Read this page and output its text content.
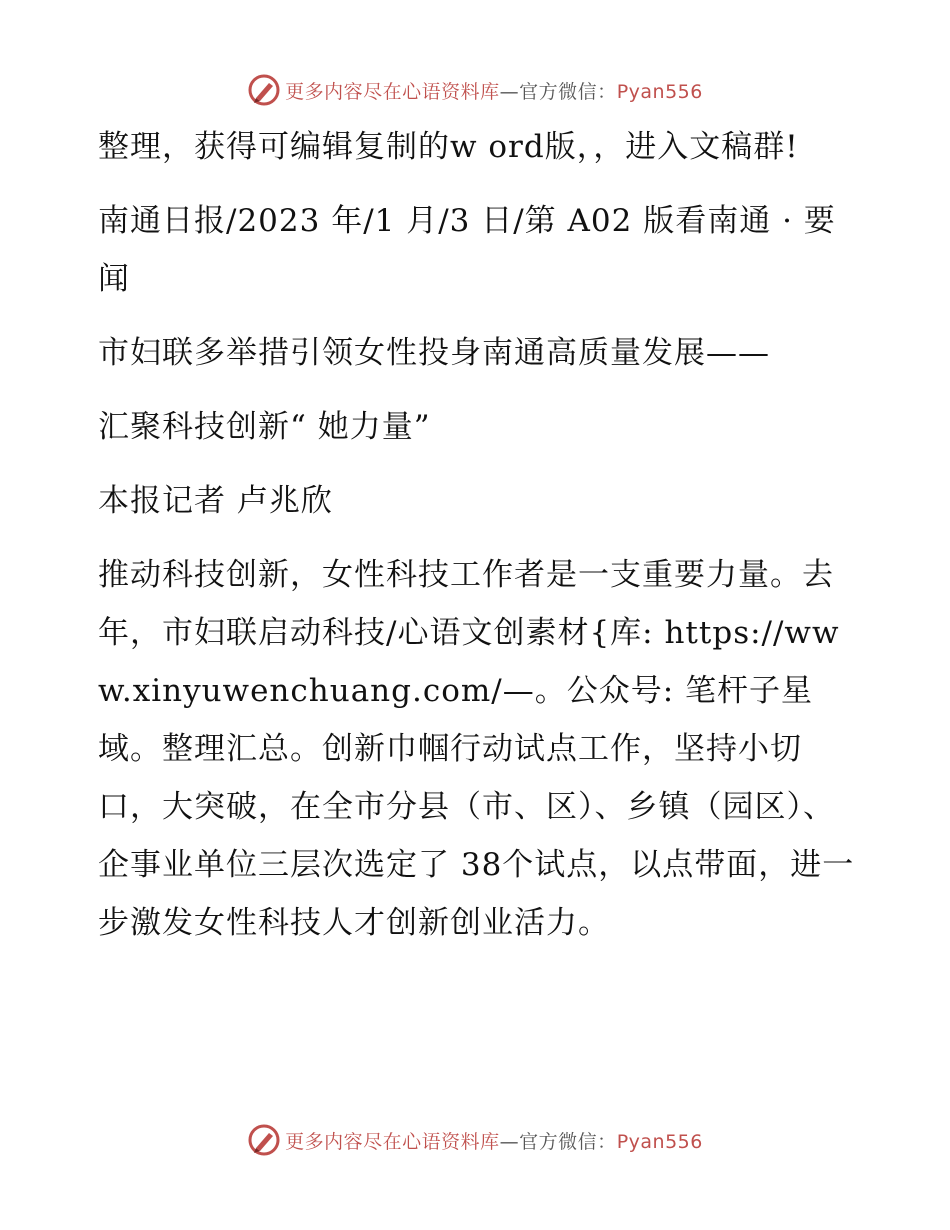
更多内容尽在心语资料库—官方微信：Pyan556

整理，获得可编辑复制的w ord版，，进入文稿群!

南通日报/2023 年/1 月/3 日/第 A02 版看南通 · 要闻

市妇联多举措引领女性投身南通高质量发展——

汇聚科技创新“ 她力量”

本报记者 卢兆欣

推动科技创新，女性科技工作者是一支重要力量。去年，市妇联启动科技/心语文创素材{库: https://www.xinyuwenchuang.com/—。公众号: 笔杆子星域。整理汇总。创新巾帼行动试点工作，坚持小切口，大突破，在全市分县（市、区）、乡镇（园区）、企事业单位三层次选定了 38个试点，以点带面，进一步激发女性科技人才创新创业活力。

更多内容尽在心语资料库—官方微信：Pyan556
